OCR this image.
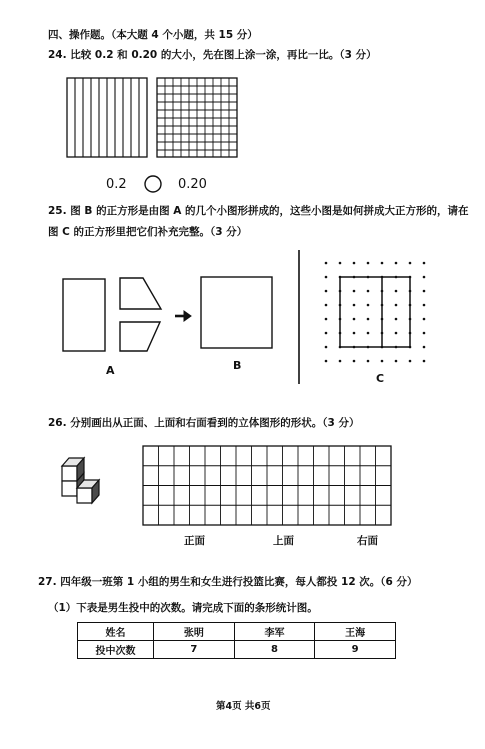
四、操作题。（本大题 4 个小题，共 15 分）
24. 比较 0.2 和 0.20 的大小，先在图上涂一涂，再比一比。（3 分）
0.2	0.20
25. 图 B 的正方形是由图 A 的几个小图形拼成的，这些小图是如何拼成大正方形的，请在
图 C 的正方形里把它们补充完整。（3 分）
A	B
C
26. 分别画出从正面、上面和右面看到的立体图形的形状。（3 分）
正面	上面	右面
27. 四年级一班第 1 小组的男生和女生进行投篮比赛，每人都投 12 次。（6 分）
（1）下表是男生投中的次数。请完成下面的条形统计图。
姓名	张明	李军	王海
投中次数	7	8	9
第4页 共6页
